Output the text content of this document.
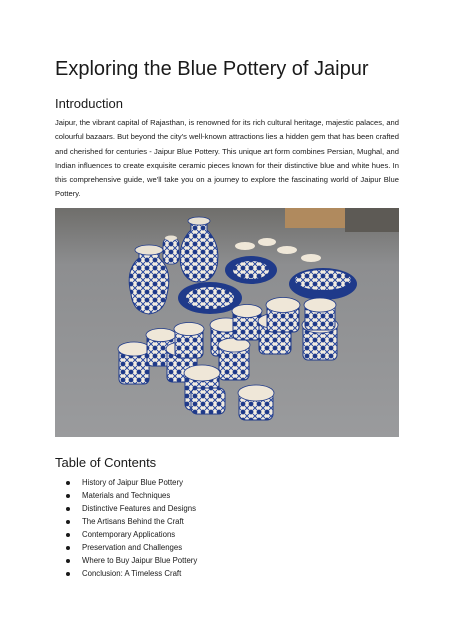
Exploring the Blue Pottery of Jaipur
Introduction

Jaipur, the vibrant capital of Rajasthan, is renowned for its rich cultural heritage, majestic palaces, and colourful bazaars. But beyond the city's well-known attractions lies a hidden gem that has been crafted and cherished for centuries - Jaipur Blue Pottery. This unique art form combines Persian, Mughal, and Indian influences to create exquisite ceramic pieces known for their distinctive blue and white hues. In this comprehensive guide, we'll take you on a journey to explore the fascinating world of Jaipur Blue Pottery.

Table of Contents
History of Jaipur Blue Pottery
Materials and Techniques
Distinctive Features and Designs
The Artisans Behind the Craft
Contemporary Applications
Preservation and Challenges
Where to Buy Jaipur Blue Pottery
Conclusion: A Timeless Craft
